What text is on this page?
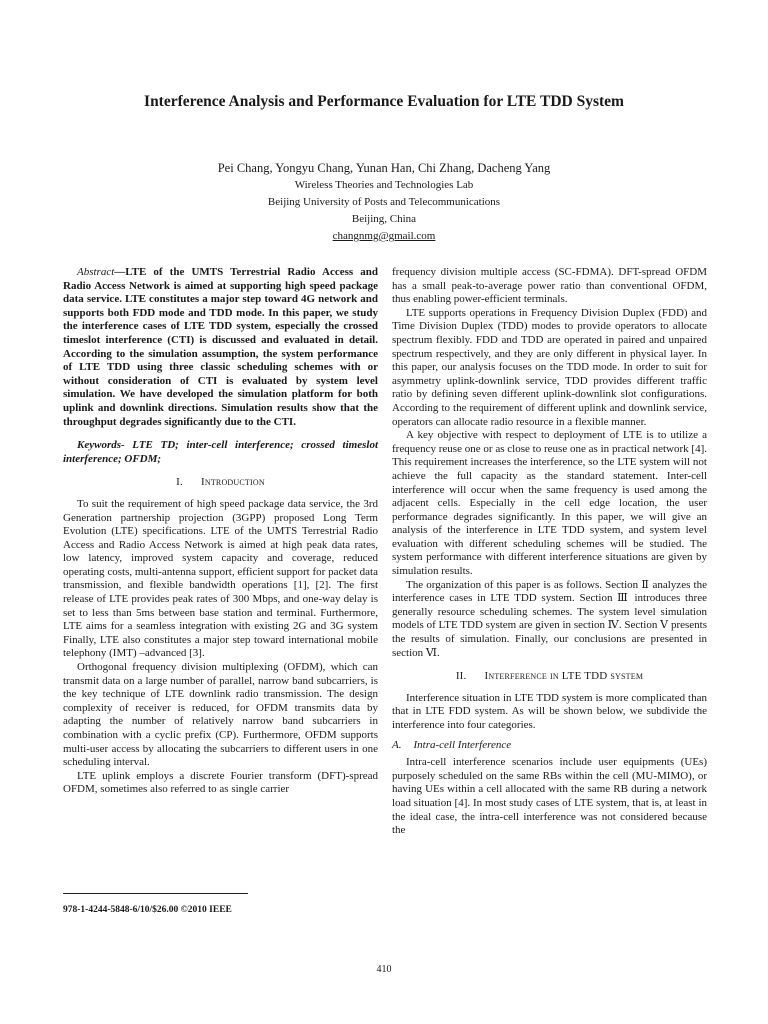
Interference Analysis and Performance Evaluation for LTE TDD System
Pei Chang, Yongyu Chang, Yunan Han, Chi Zhang, Dacheng Yang
Wireless Theories and Technologies Lab
Beijing University of Posts and Telecommunications
Beijing, China
changnmg@gmail.com

Abstract—LTE of the UMTS Terrestrial Radio Access and Radio Access Network is aimed at supporting high speed package data service. LTE constitutes a major step toward 4G network and supports both FDD mode and TDD mode. In this paper, we study the interference cases of LTE TDD system, especially the crossed timeslot interference (CTI) is discussed and evaluated in detail. According to the simulation assumption, the system performance of LTE TDD using three classic scheduling schemes with or without consideration of CTI is evaluated by system level simulation. We have developed the simulation platform for both uplink and downlink directions. Simulation results show that the throughput degrades significantly due to the CTI.

Keywords- LTE TD; inter-cell interference; crossed timeslot interference; OFDM;

I. Introduction

To suit the requirement of high speed package data service, the 3rd Generation partnership projection (3GPP) proposed Long Term Evolution (LTE) specifications. LTE of the UMTS Terrestrial Radio Access and Radio Access Network is aimed at high peak data rates, low latency, improved system capacity and coverage, reduced operating costs, multi-antenna support, efficient support for packet data transmission, and flexible bandwidth operations [1], [2]. The first release of LTE provides peak rates of 300 Mbps, and one-way delay is set to less than 5ms between base station and terminal. Furthermore, LTE aims for a seamless integration with existing 2G and 3G system Finally, LTE also constitutes a major step toward international mobile telephony (IMT) –advanced [3].

Orthogonal frequency division multiplexing (OFDM), which can transmit data on a large number of parallel, narrow band subcarriers, is the key technique of LTE downlink radio transmission. The design complexity of receiver is reduced, for OFDM transmits data by adapting the number of relatively narrow band subcarriers in combination with a cyclic prefix (CP). Furthermore, OFDM supports multi-user access by allocating the subcarriers to different users in one scheduling interval.

LTE uplink employs a discrete Fourier transform (DFT)-spread OFDM, sometimes also referred to as single carrier

frequency division multiple access (SC-FDMA). DFT-spread OFDM has a small peak-to-average power ratio than conventional OFDM, thus enabling power-efficient terminals.

LTE supports operations in Frequency Division Duplex (FDD) and Time Division Duplex (TDD) modes to provide operators to allocate spectrum flexibly. FDD and TDD are operated in paired and unpaired spectrum respectively, and they are only different in physical layer. In this paper, our analysis focuses on the TDD mode. In order to suit for asymmetry uplink-downlink service, TDD provides different traffic ratio by defining seven different uplink-downlink slot configurations. According to the requirement of different uplink and downlink service, operators can allocate radio resource in a flexible manner.

A key objective with respect to deployment of LTE is to utilize a frequency reuse one or as close to reuse one as in practical network [4]. This requirement increases the interference, so the LTE system will not achieve the full capacity as the standard statement. Inter-cell interference will occur when the same frequency is used among the adjacent cells. Especially in the cell edge location, the user performance degrades significantly. In this paper, we will give an analysis of the interference in LTE TDD system, and system level evaluation with different scheduling schemes will be studied. The system performance with different interference situations are given by simulation results.

The organization of this paper is as follows. Section Ⅱ analyzes the interference cases in LTE TDD system. Section Ⅲ introduces three generally resource scheduling schemes. The system level simulation models of LTE TDD system are given in section Ⅳ. Section Ⅴ presents the results of simulation. Finally, our conclusions are presented in section Ⅵ.

II. Interference in LTE TDD system

Interference situation in LTE TDD system is more complicated than that in LTE FDD system. As will be shown below, we subdivide the interference into four categories.

A. Intra-cell Interference

Intra-cell interference scenarios include user equipments (UEs) purposely scheduled on the same RBs within the cell (MU-MIMO), or having UEs within a cell allocated with the same RB during a network load situation [4]. In most study cases of LTE system, that is, at least in the ideal case, the intra-cell interference was not considered because the

978-1-4244-5848-6/10/$26.00 ©2010 IEEE
410
